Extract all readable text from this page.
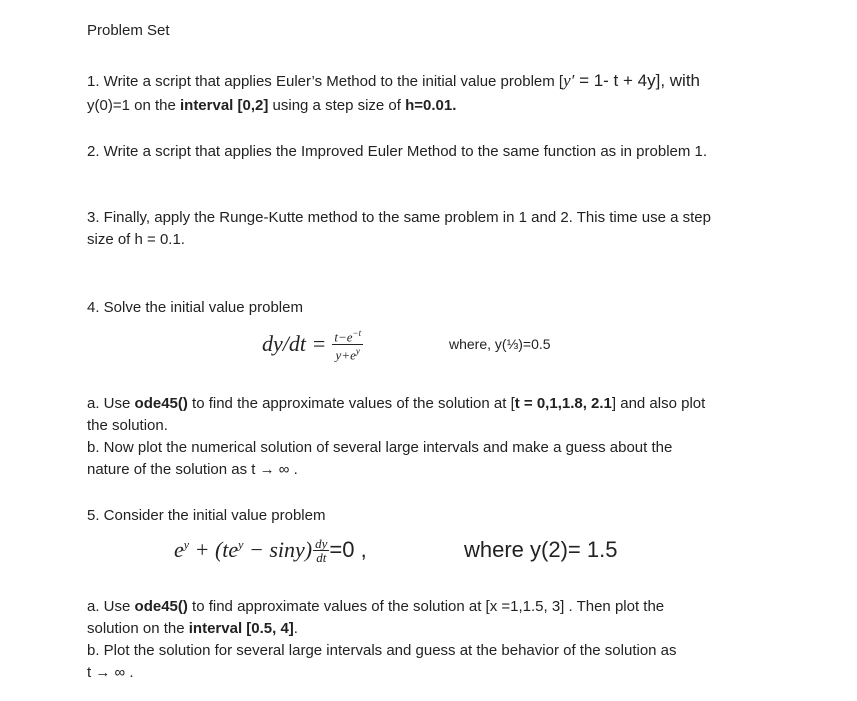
Problem Set
1. Write a script that applies Euler’s Method to the initial value problem [y′ = 1- t + 4y], with
y(0)=1 on the interval [0,2] using a step size of h=0.01.
2. Write a script that applies the Improved Euler Method to the same function as in problem 1.
3. Finally, apply the Runge-Kutte method to the same problem in 1 and 2. This time use a step
size of h = 0.1.
4. Solve the initial value problem
$dy/dt = \frac{t-e^{-t}}{y+e^y}$	where, y(⅓)=0.5
a. Use ode45() to find the approximate values of the solution at [t = 0,1,1.8, 2.1] and also plot
the solution.
b. Now plot the numerical solution of several large intervals and make a guess about the
nature of the solution as t → ∞ .
5. Consider the initial value problem
$e^y + (te^y - \sin y) \frac{dy}{dt} =0$ ,	where y(2)= 1.5
a. Use ode45() to find approximate values of the solution at [x =1,1.5, 3] . Then plot the
solution on the interval [0.5, 4].
b. Plot the solution for several large intervals and guess at the behavior of the solution as
t → ∞ .
